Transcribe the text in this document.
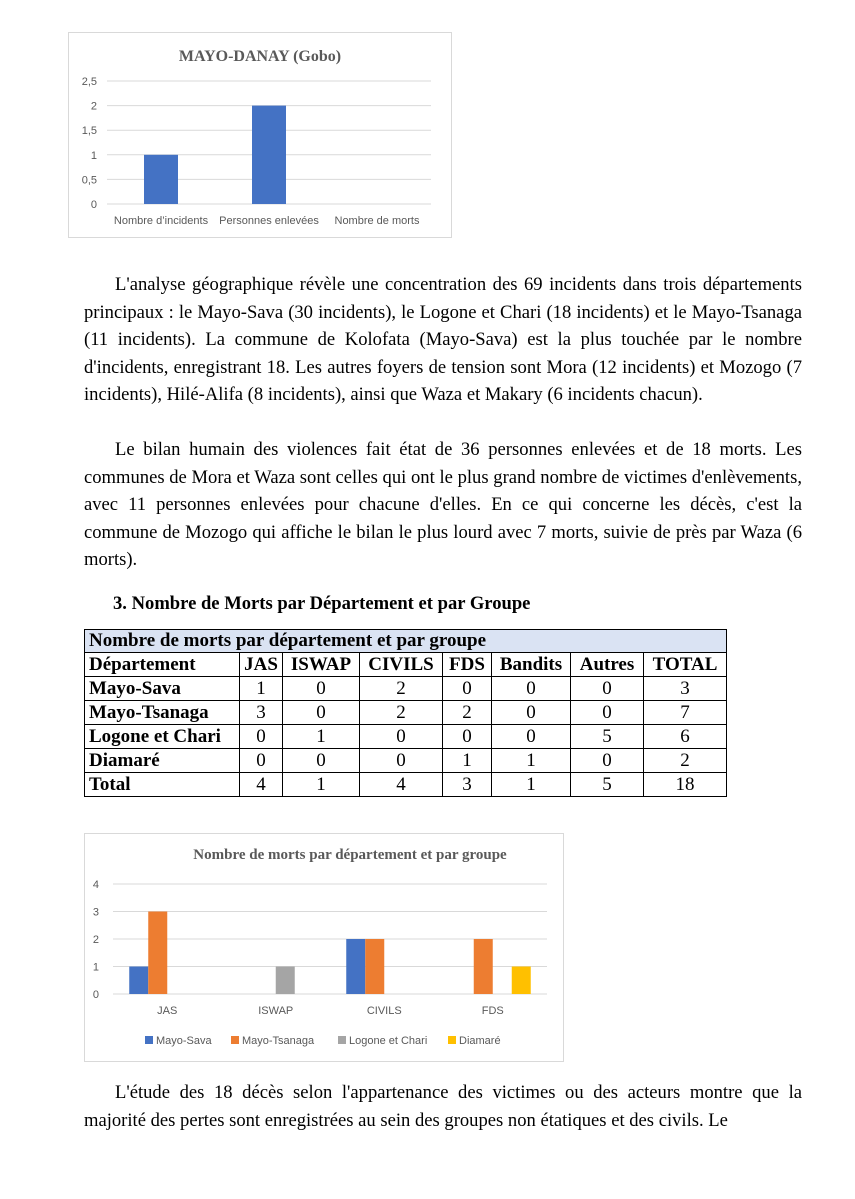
MAYO-DANAY (Gobo)
0
0,5
1
1,5
2
2,5
Nombre d’incidents Personnes enlevées Nombre de morts

L'analyse géographique révèle une concentration des 69 incidents dans trois départements principaux : le Mayo-Sava (30 incidents), le Logone et Chari (18 incidents) et le Mayo-Tsanaga (11 incidents). La commune de Kolofata (Mayo-Sava) est la plus touchée par le nombre d'incidents, enregistrant 18. Les autres foyers de tension sont Mora (12 incidents) et Mozogo (7 incidents), Hilé-Alifa (8 incidents), ainsi que Waza et Makary (6 incidents chacun).

Le bilan humain des violences fait état de 36 personnes enlevées et de 18 morts. Les communes de Mora et Waza sont celles qui ont le plus grand nombre de victimes d'enlèvements, avec 11 personnes enlevées pour chacune d'elles. En ce qui concerne les décès, c'est la commune de Mozogo qui affiche le bilan le plus lourd avec 7 morts, suivie de près par Waza (6 morts).

3. Nombre de Morts par Département et par Groupe

Nombre de morts par département et par groupe							
Département	JAS	ISWAP	CIVILS	FDS	Bandits	Autres	TOTAL
Mayo-Sava	1	0	2	0	0	0	3
Mayo-Tsanaga	3	0	2	2	0	0	7
Logone et Chari	0	1	0	0	0	5	6
Diamaré	0	0	0	1	1	0	2
Total	4	1	4	3	1	5	18
Nombre de morts par département et par groupe
0
1
2
3
4
JAS	ISWAP	CIVILS	FDS
Mayo-Sava	Mayo-Tsanaga	Logone et Chari	Diamaré

L'étude des 18 décès selon l'appartenance des victimes ou des acteurs montre que la majorité des pertes sont enregistrées au sein des groupes non étatiques et des civils. Le
